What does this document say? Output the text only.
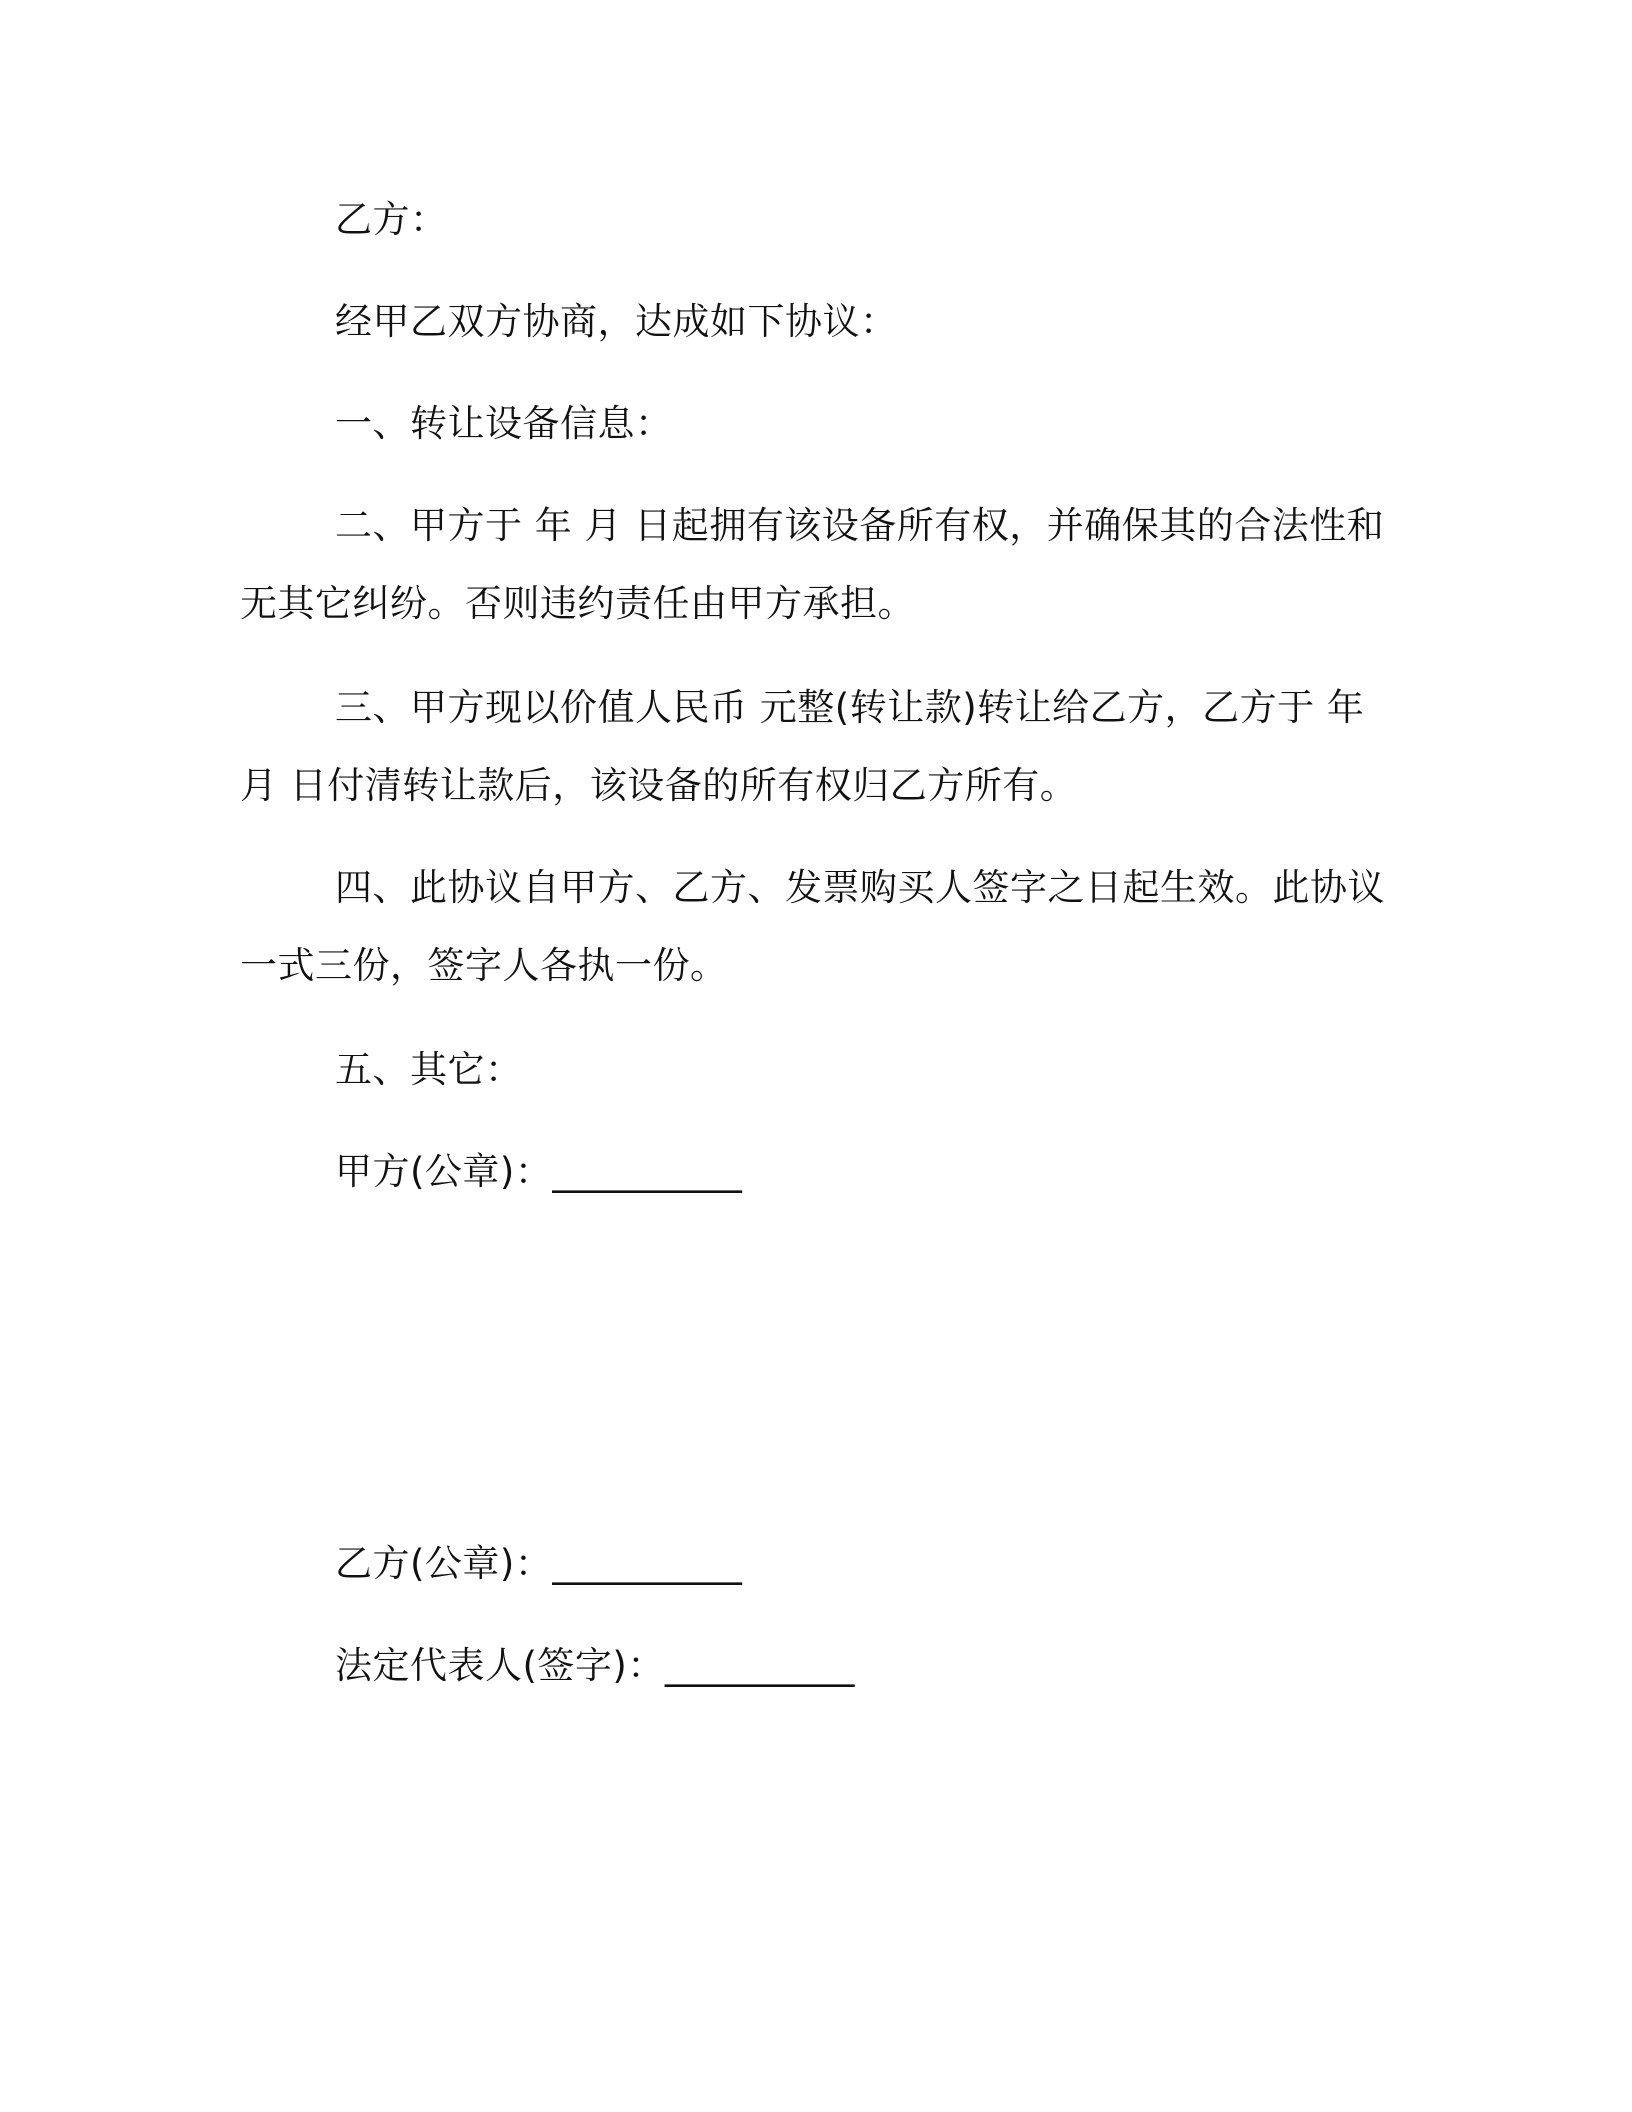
乙方：
经甲乙双方协商，达成如下协议：
一、转让设备信息：
二、甲方于 年 月 日起拥有该设备所有权，并确保其的合法性和
无其它纠纷。否则违约责任由甲方承担。
三、甲方现以价值人民币 元整(转让款)转让给乙方，乙方于 年
月 日付清转让款后，该设备的所有权归乙方所有。
四、此协议自甲方、乙方、发票购买人签字之日起生效。此协议
一式三份，签字人各执一份。
五、其它：
甲方(公章)：__________
乙方(公章)：__________
法定代表人(签字)：__________
